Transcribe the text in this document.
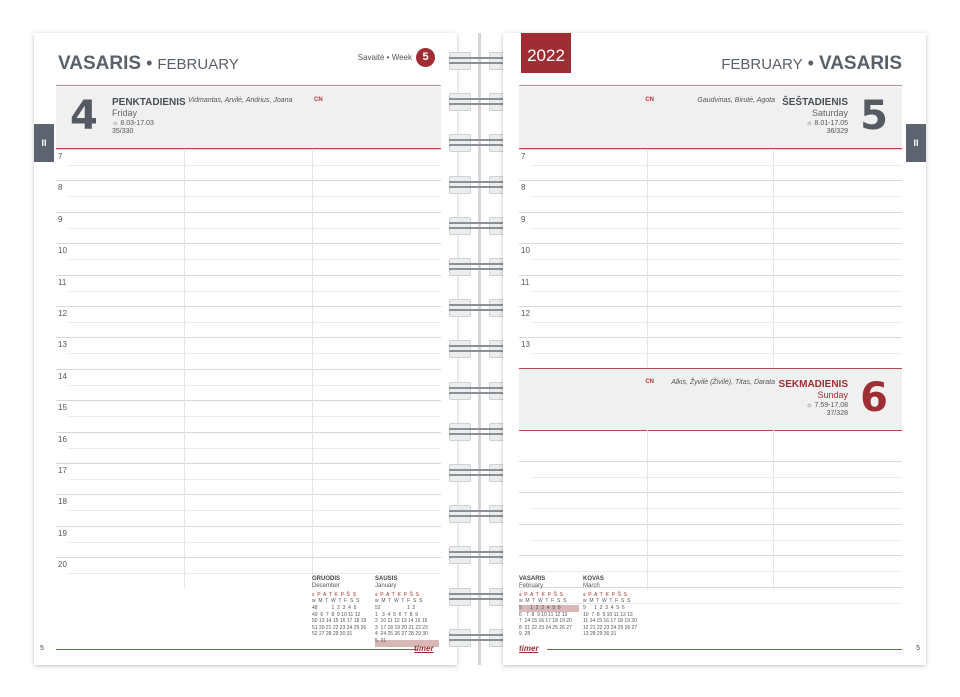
VASARIS • FEBRUARY	Savaitė • Week 5
4 PENKTADIENIS
Friday
☼ 8.03-17.03
35/330
Vidmantas, Arvilė, Andrius, Joana	CN
7
8
9
10
11
12
13
14
15
16
17
18
19
20
GRUODIS
December
s  P  A  T  K  P  Š  S
w  M  T  W  T  F  S  S
48          1  2  3  4  5
49  6  7  8  9 10 11 12
50 13 14 15 16 17 18 19
51 20 21 22 23 24 25 26
52 27 28 29 30 31
SAUSIS
January
s  P  A  T  K  P  Š  S
w  M  T  W  T  F  S  S
52                   1  2
1   3  4  5  6  7  8  9
2  10 11 12 13 14 15 16
3  17 18 19 20 21 22 23
4  24 25 26 27 28 29 30
5  31
timer
5
II
2022	FEBRUARY • VASARIS
5
ŠEŠTADIENIS
Saturday
☼ 8.01-17.05
36/329
Gaudvinas, Birutė, Agota
CN
7
8
9
10
11
12
13
6
SEKMADIENIS
Sunday
☼ 7.59-17.08
37/328
Alkis, Žyvilė (Živilė), Titas, Darata
CN
VASARIS
February
s  P  A  T  K  P  Š  S
w  M  T  W  T  F  S  S
5      1  2  3  4  5  6
6   7  8  9 10 11 12 13
7  14 15 16 17 18 19 20
8  21 22 23 24 25 26 27
9  28
KOVAS
March
s  P  A  T  K  P  Š  S
w  M  T  W  T  F  S  S
9      1  2  3  4  5  6
10  7  8  9 10 11 12 13
11 14 15 16 17 18 19 20
12 21 22 23 24 25 26 27
13 28 29 30 31
timer	5
II
